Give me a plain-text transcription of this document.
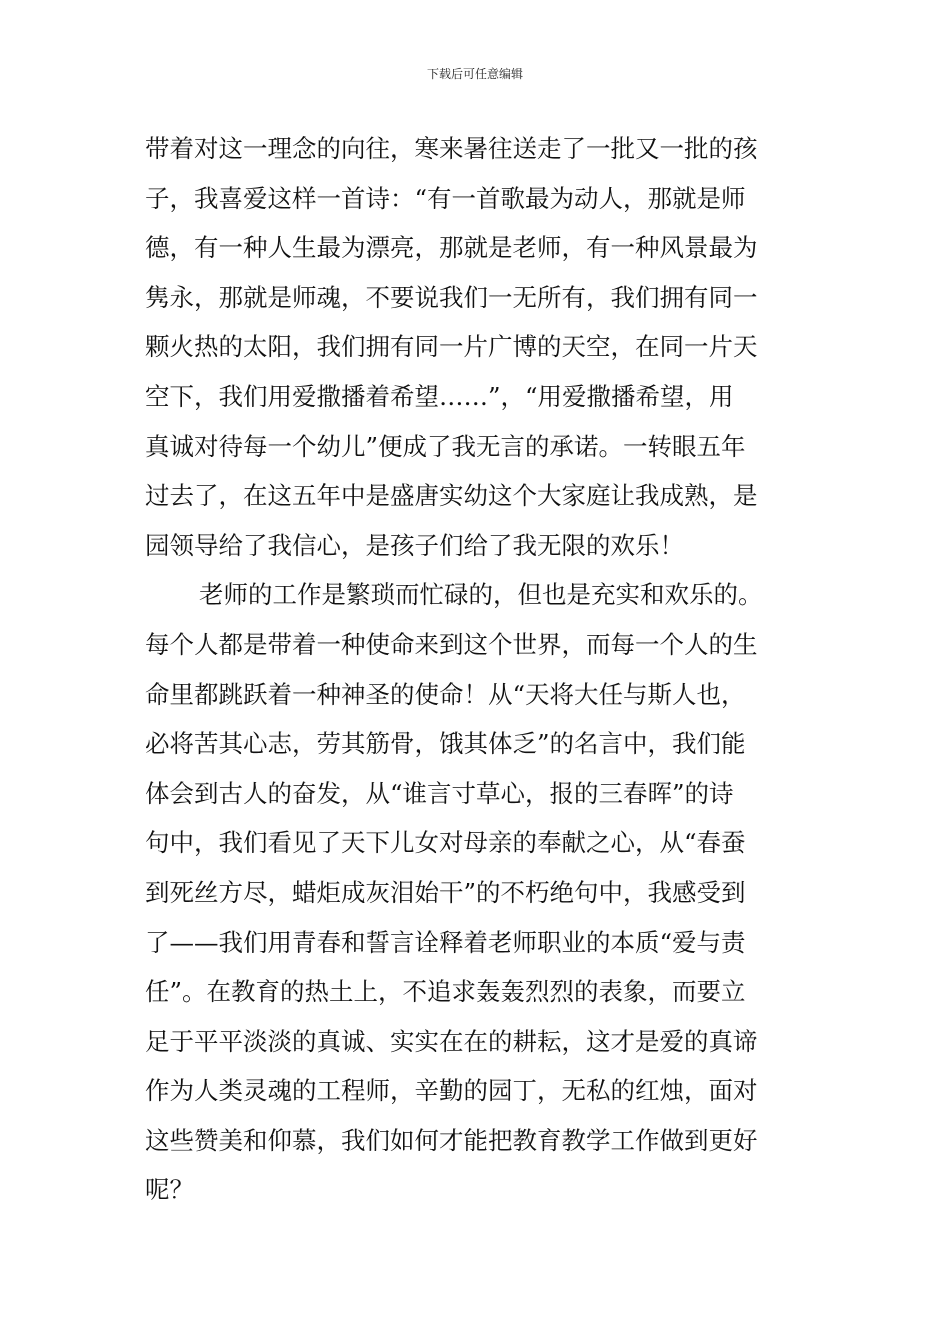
下载后可任意编辑
带着对这一理念的向往，寒来暑往送走了一批又一批的孩
子，我喜爱这样一首诗：“有一首歌最为动人，那就是师
德，有一种人生最为漂亮，那就是老师，有一种风景最为
隽永，那就是师魂，不要说我们一无所有，我们拥有同一
颗火热的太阳，我们拥有同一片广博的天空，在同一片天
空下，我们用爱撒播着希望……”，“用爱撒播希望，用
真诚对待每一个幼儿”便成了我无言的承诺。一转眼五年
过去了，在这五年中是盛唐实幼这个大家庭让我成熟，是
园领导给了我信心，是孩子们给了我无限的欢乐！
老师的工作是繁琐而忙碌的，但也是充实和欢乐的。
每个人都是带着一种使命来到这个世界，而每一个人的生
命里都跳跃着一种神圣的使命！从“天将大任与斯人也，
必将苦其心志，劳其筋骨，饿其体乏”的名言中，我们能
体会到古人的奋发，从“谁言寸草心，报的三春晖”的诗
句中，我们看见了天下儿女对母亲的奉献之心，从“春蚕
到死丝方尽，蜡炬成灰泪始干”的不朽绝句中，我感受到
了——我们用青春和誓言诠释着老师职业的本质“爱与责
任”。在教育的热土上，不追求轰轰烈烈的表象，而要立
足于平平淡淡的真诚、实实在在的耕耘，这才是爱的真谛
作为人类灵魂的工程师，辛勤的园丁，无私的红烛，面对
这些赞美和仰慕，我们如何才能把教育教学工作做到更好
呢？
